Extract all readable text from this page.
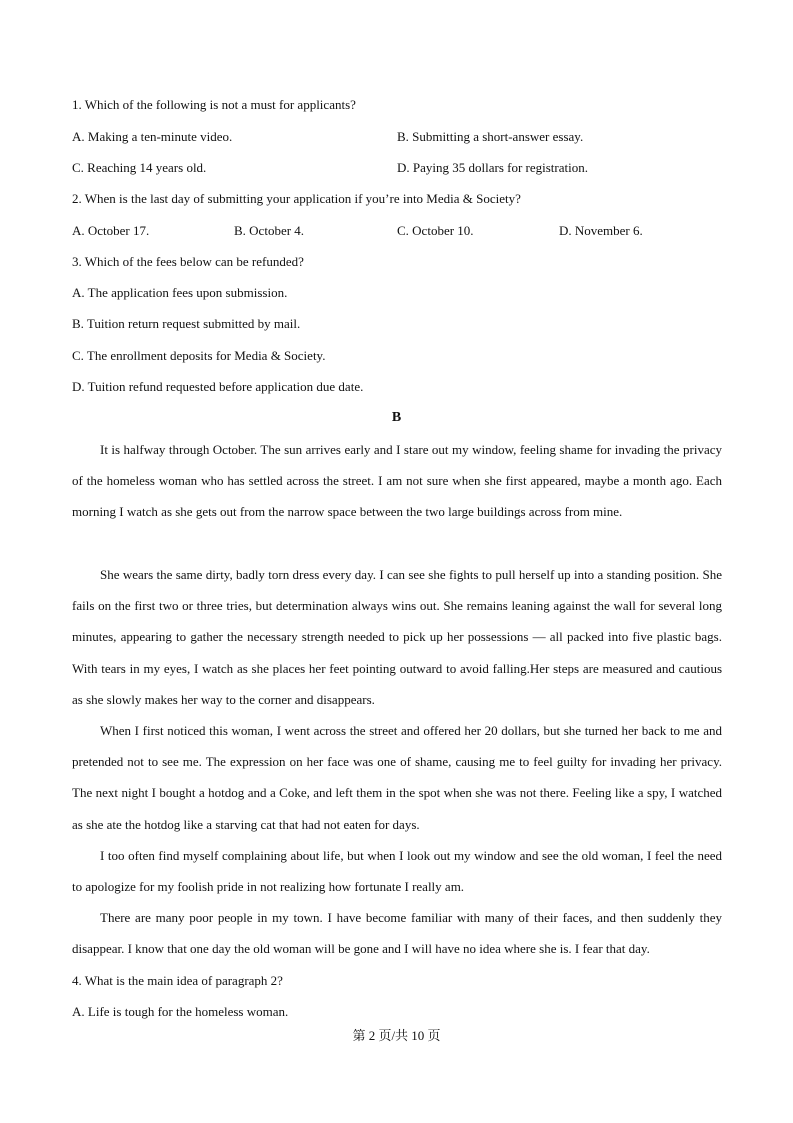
1. Which of the following is not a must for applicants?
A. Making a ten-minute video.	B. Submitting a short-answer essay.
C. Reaching 14 years old.	D. Paying 35 dollars for registration.
2. When is the last day of submitting your application if you’re into Media & Society?
A. October 17.	B. October 4.	C. October 10.	D. November 6.
3. Which of the fees below can be refunded?
A. The application fees upon submission.
B. Tuition return request submitted by mail.
C. The enrollment deposits for Media & Society.
D. Tuition refund requested before application due date.
B
It is halfway through October. The sun arrives early and I stare out my window, feeling shame for invading the privacy of the homeless woman who has settled across the street. I am not sure when she first appeared, maybe a month ago. Each morning I watch as she gets out from the narrow space between the two large buildings across from mine.
She wears the same dirty, badly torn dress every day. I can see she fights to pull herself up into a standing position. She fails on the first two or three tries, but determination always wins out. She remains leaning against the wall for several long minutes, appearing to gather the necessary strength needed to pick up her possessions — all packed into five plastic bags. With tears in my eyes, I watch as she places her feet pointing outward to avoid falling.Her steps are measured and cautious as she slowly makes her way to the corner and disappears.
When I first noticed this woman, I went across the street and offered her 20 dollars, but she turned her back to me and pretended not to see me. The expression on her face was one of shame, causing me to feel guilty for invading her privacy. The next night I bought a hotdog and a Coke, and left them in the spot when she was not there. Feeling like a spy, I watched as she ate the hotdog like a starving cat that had not eaten for days.
I too often find myself complaining about life, but when I look out my window and see the old woman, I feel the need to apologize for my foolish pride in not realizing how fortunate I really am.
There are many poor people in my town. I have become familiar with many of their faces, and then suddenly they disappear. I know that one day the old woman will be gone and I will have no idea where she is. I fear that day.
4. What is the main idea of paragraph 2?
A. Life is tough for the homeless woman.
第 2 页/共 10 页
